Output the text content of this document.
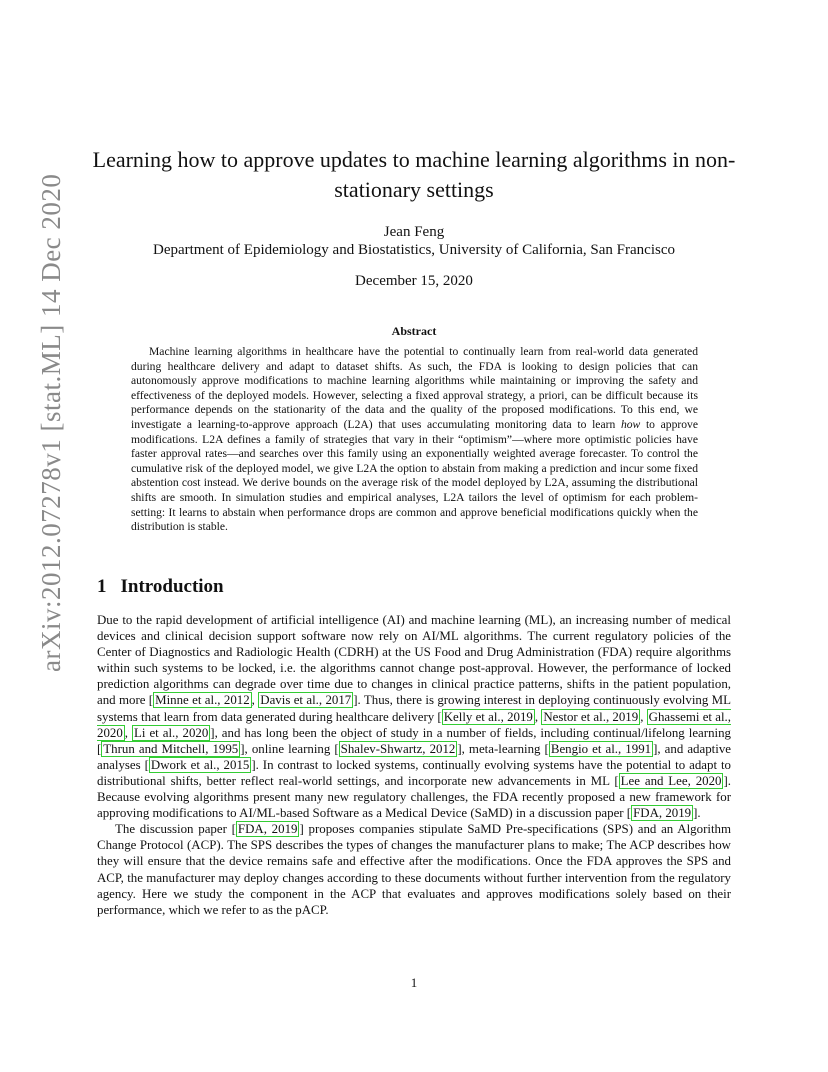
arXiv:2012.07278v1 [stat.ML] 14 Dec 2020
Learning how to approve updates to machine learning algorithms in non-stationary settings

Jean Feng

Department of Epidemiology and Biostatistics, University of California, San Francisco

December 15, 2020

Abstract

Machine learning algorithms in healthcare have the potential to continually learn from real-world data generated during healthcare delivery and adapt to dataset shifts. As such, the FDA is looking to design policies that can autonomously approve modifications to machine learning algorithms while maintaining or improving the safety and effectiveness of the deployed models. However, selecting a fixed approval strategy, a priori, can be difficult because its performance depends on the stationarity of the data and the quality of the proposed modifications. To this end, we investigate a learning-to-approve approach (L2A) that uses accumulating monitoring data to learn how to approve modifications. L2A defines a family of strategies that vary in their “optimism”—where more optimistic policies have faster approval rates—and searches over this family using an exponentially weighted average forecaster. To control the cumulative risk of the deployed model, we give L2A the option to abstain from making a prediction and incur some fixed abstention cost instead. We derive bounds on the average risk of the model deployed by L2A, assuming the distributional shifts are smooth. In simulation studies and empirical analyses, L2A tailors the level of optimism for each problem-setting: It learns to abstain when performance drops are common and approve beneficial modifications quickly when the distribution is stable.

1 Introduction

Due to the rapid development of artificial intelligence (AI) and machine learning (ML), an increasing number of medical devices and clinical decision support software now rely on AI/ML algorithms. The current regulatory policies of the Center of Diagnostics and Radiologic Health (CDRH) at the US Food and Drug Administration (FDA) require algorithms within such systems to be locked, i.e. the algorithms cannot change post-approval. However, the performance of locked prediction algorithms can degrade over time due to changes in clinical practice patterns, shifts in the patient population, and more [ Minne et al., 2012 , Davis et al., 2017 ]. Thus, there is growing interest in deploying continuously evolving ML systems that learn from data generated during healthcare delivery [ Kelly et al., 2019 , Nestor et al., 2019 , Ghassemi et al., 2020 , Li et al., 2020 ], and has long been the object of study in a number of fields, including continual/lifelong learning [ Thrun and Mitchell, 1995 ], online learning [ Shalev-Shwartz, 2012 ], meta-learning [ Bengio et al., 1991 ], and adaptive analyses [ Dwork et al., 2015 ]. In contrast to locked systems, continually evolving systems have the potential to adapt to distributional shifts, better reflect real-world settings, and incorporate new advancements in ML [ Lee and Lee, 2020 ]. Because evolving algorithms present many new regulatory challenges, the FDA recently proposed a new framework for approving modifications to AI/ML-based Software as a Medical Device (SaMD) in a discussion paper [ FDA, 2019 ].

The discussion paper [ FDA, 2019 ] proposes companies stipulate SaMD Pre-specifications (SPS) and an Algorithm Change Protocol (ACP). The SPS describes the types of changes the manufacturer plans to make; The ACP describes how they will ensure that the device remains safe and effective after the modifications. Once the FDA approves the SPS and ACP, the manufacturer may deploy changes according to these documents without further intervention from the regulatory agency. Here we study the component in the ACP that evaluates and approves modifications solely based on their performance, which we refer to as the pACP.

1
